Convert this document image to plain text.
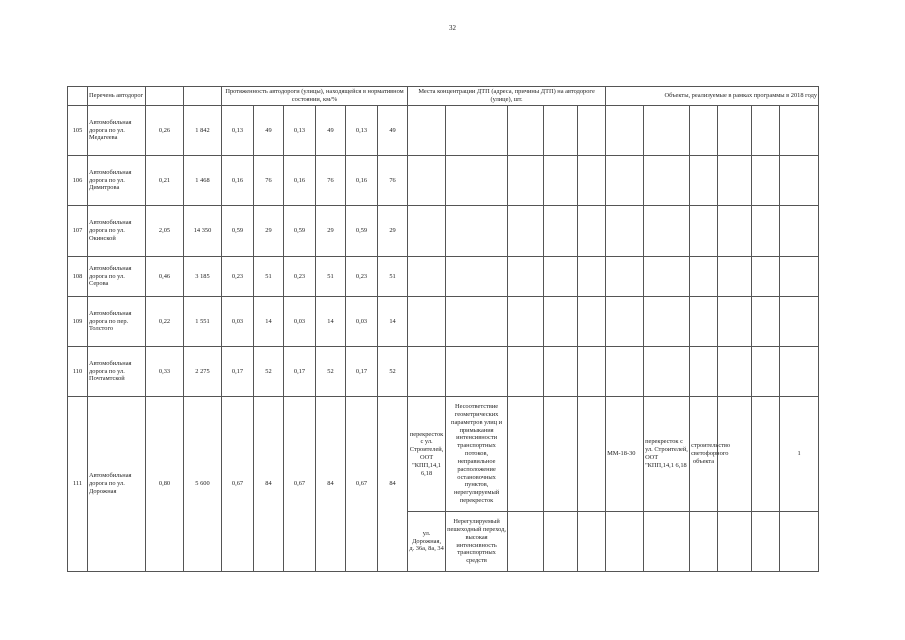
32
	Перечень автодорог			Протяженность автодороги (улицы), находящейся в нормативном состоянии, км/%						Места концентрации ДТП (адреса, причины ДТП) на автодороге (улице), шт.					Объекты, реализуемые в рамках программы в 2018 году					
105	Автомобильная дорога по ул. Медагеева	0,26	1 842	0,13	49	0,13	49	0,13	49											
106	Автомобильная дорога по ул. Димитрова	0,21	1 468	0,16	76	0,16	76	0,16	76											
107	Автомобильная дорога по ул. Окинской	2,05	14 350	0,59	29	0,59	29	0,59	29											
108	Автомобильная дорога по ул. Серова	0,46	3 185	0,23	51	0,23	51	0,23	51											
109	Автомобильная дорога по пер. Толстого	0,22	1 551	0,03	14	0,03	14	0,03	14											
110	Автомобильная дорога по ул. Почтамтской	0,33	2 275	0,17	52	0,17	52	0,17	52											
111	Автомобильная дорога по ул. Дорожная	0,80	5 600	0,67	84	0,67	84	0,67	84	перекресток с ул. Строителей, ООТ "КПП,14,1 6,18	Несоответствие геометрических параметров улиц и примыкания интенсивности транспортных потоков, неправильное расположение остановочных пунктов, нерегулируемый перекресток				ММ-18-30	перекресток с ул. Строителей, ООТ "КПП,14,1 6,18	строительство светофорного объекта			1
										ул. Дорожная, д. 36а, 8а, 34	Нерегулируемый пешеходный переход, высокая интенсивность транспортных средств									
